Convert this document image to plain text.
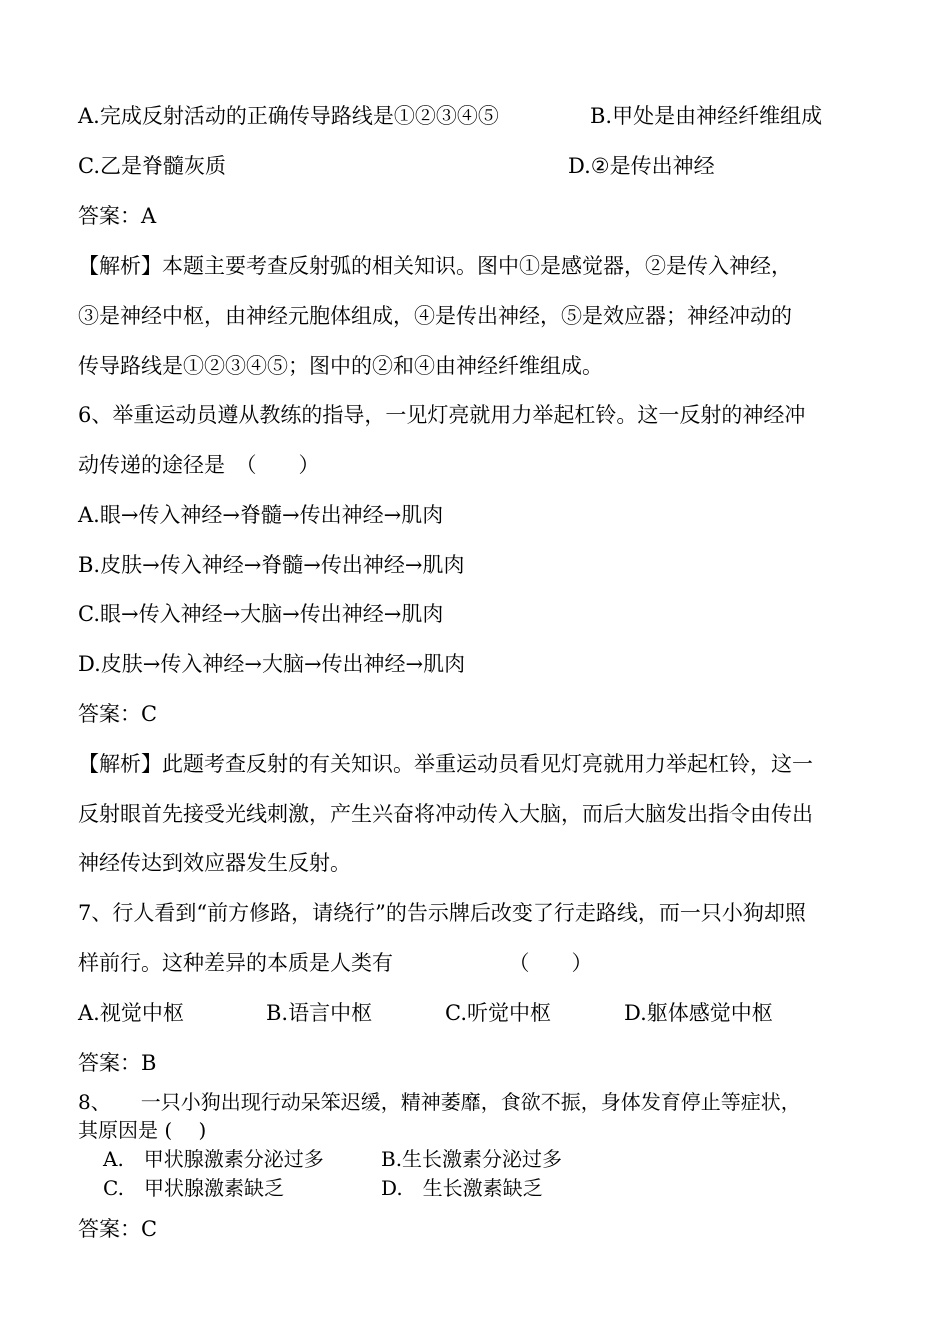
A.完成反射活动的正确传导路线是①②③④⑤	B.甲处是由神经纤维组成
C.乙是脊髓灰质	D.②是传出神经
答案：A
【解析】本题主要考查反射弧的相关知识。图中①是感觉器，②是传入神经，
③是神经中枢，由神经元胞体组成，④是传出神经，⑤是效应器；神经冲动的
传导路线是①②③④⑤；图中的②和④由神经纤维组成。
6、举重运动员遵从教练的指导，一见灯亮就用力举起杠铃。这一反射的神经冲
动传递的途径是　（　　）
A.眼→传入神经→脊髓→传出神经→肌肉
B.皮肤→传入神经→脊髓→传出神经→肌肉
C.眼→传入神经→大脑→传出神经→肌肉
D.皮肤→传入神经→大脑→传出神经→肌肉
答案：C
【解析】此题考查反射的有关知识。举重运动员看见灯亮就用力举起杠铃，这一
反射眼首先接受光线刺激，产生兴奋将冲动传入大脑，而后大脑发出指令由传出
神经传达到效应器发生反射。
7、行人看到“前方修路，请绕行”的告示牌后改变了行走路线，而一只小狗却照
样前行。这种差异的本质是人类有　　　　　　（　　）
A.视觉中枢	B.语言中枢	C.听觉中枢	D.躯体感觉中枢
答案：B
8、　　一只小狗出现行动呆笨迟缓，精神萎靡，食欲不振，身体发育停止等症状，
其原因是 (　 )
A.　甲状腺激素分泌过多	B.生长激素分泌过多
C.　甲状腺激素缺乏	D.　生长激素缺乏
答案：C
